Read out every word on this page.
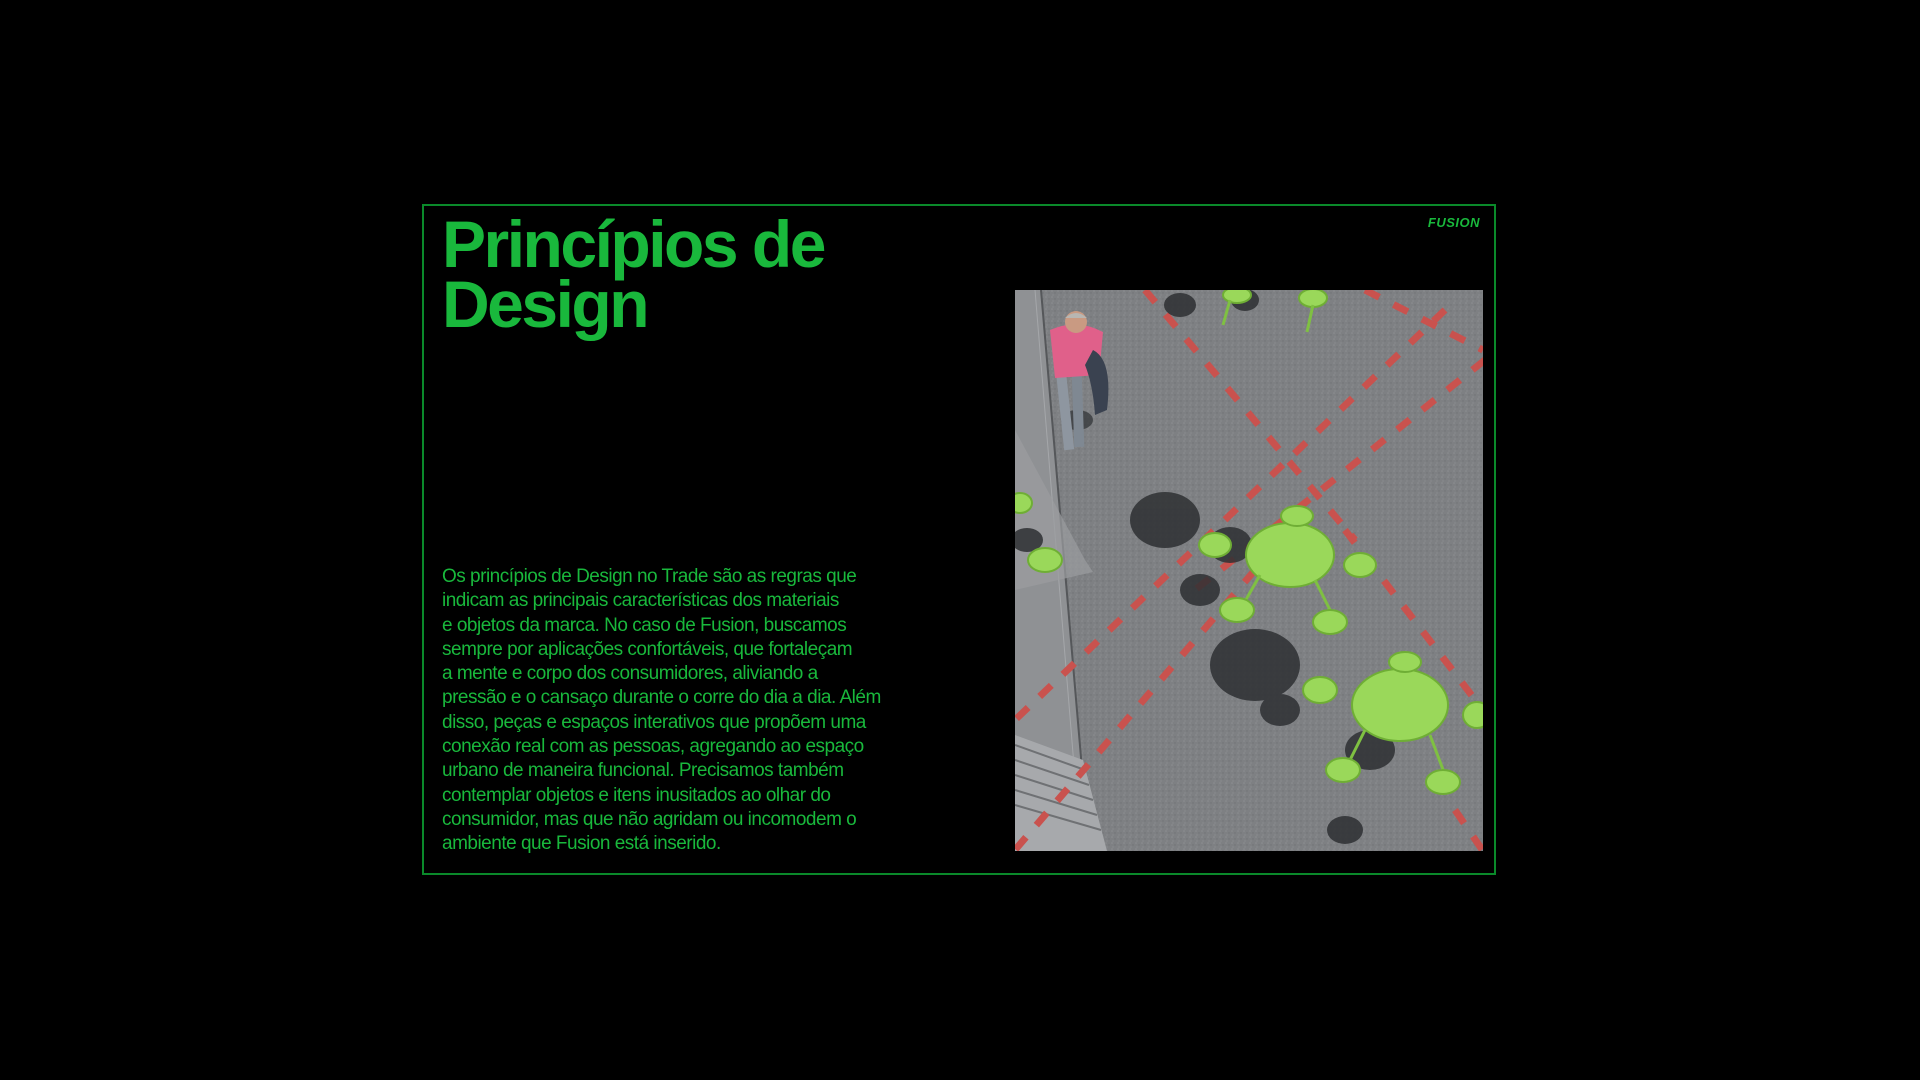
Princípios de
Design
FUSION

Os princípios de Design no Trade são as regras que
indicam as principais características dos materiais
e objetos da marca. No caso de Fusion, buscamos
sempre por aplicações confortáveis, que fortaleçam
a mente e corpo dos consumidores, aliviando a
pressão e o cansaço durante o corre do dia a dia. Além
disso, peças e espaços interativos que propõem uma
conexão real com as pessoas, agregando ao espaço
urbano de maneira funcional. Precisamos também
contemplar objetos e itens inusitados ao olhar do
consumidor, mas que não agridam ou incomodem o
ambiente que Fusion está inserido.
